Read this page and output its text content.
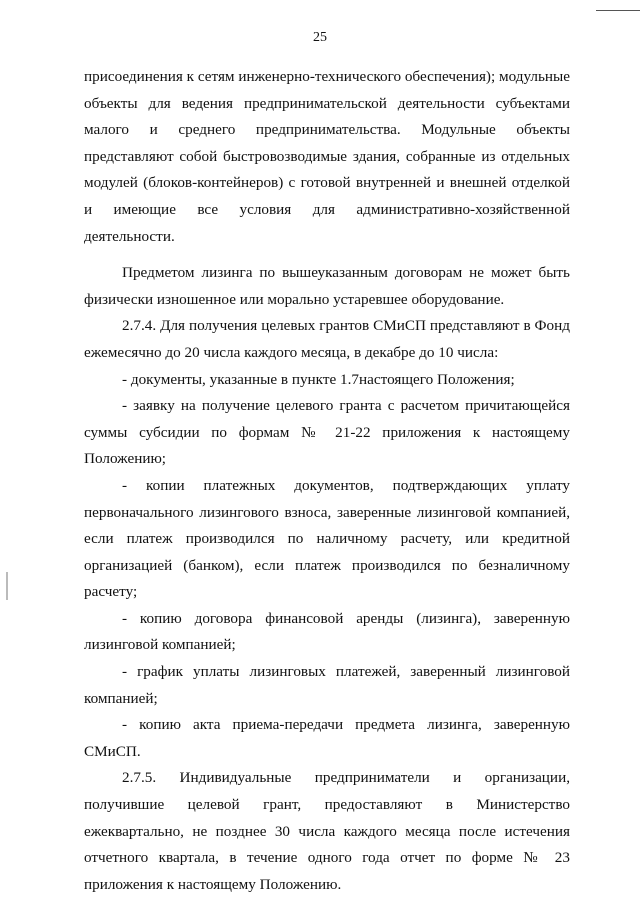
25

присоединения к сетям инженерно-технического обеспечения); модульные объекты для ведения предпринимательской деятельности субъектами малого и среднего предпринимательства. Модульные объекты представляют собой быстровозводимые здания, собранные из отдельных модулей (блоков-контейнеров) с готовой внутренней и внешней отделкой и имеющие все условия для административно-хозяйственной деятельности.

Предметом лизинга по вышеуказанным договорам не может быть физически изношенное или морально устаревшее оборудование.

2.7.4. Для получения целевых грантов СМиСП представляют в Фонд ежемесячно до 20 числа каждого месяца, в декабре до 10 числа:

- документы, указанные в пункте 1.7настоящего Положения;

- заявку на получение целевого гранта с расчетом причитающейся суммы субсидии по формам № 21-22 приложения к настоящему Положению;

- копии платежных документов, подтверждающих уплату первоначального лизингового взноса, заверенные лизинговой компанией, если платеж производился по наличному расчету, или кредитной организацией (банком), если платеж производился по безналичному расчету;

- копию договора финансовой аренды (лизинга), заверенную лизинговой компанией;

- график уплаты лизинговых платежей, заверенный лизинговой компанией;

- копию акта приема-передачи предмета лизинга, заверенную СМиСП.

2.7.5. Индивидуальные предприниматели и организации, получившие целевой грант, предоставляют в Министерство ежеквартально, не позднее 30 числа каждого месяца после истечения отчетного квартала, в течение одного года отчет по форме № 23 приложения к настоящему Положению.
